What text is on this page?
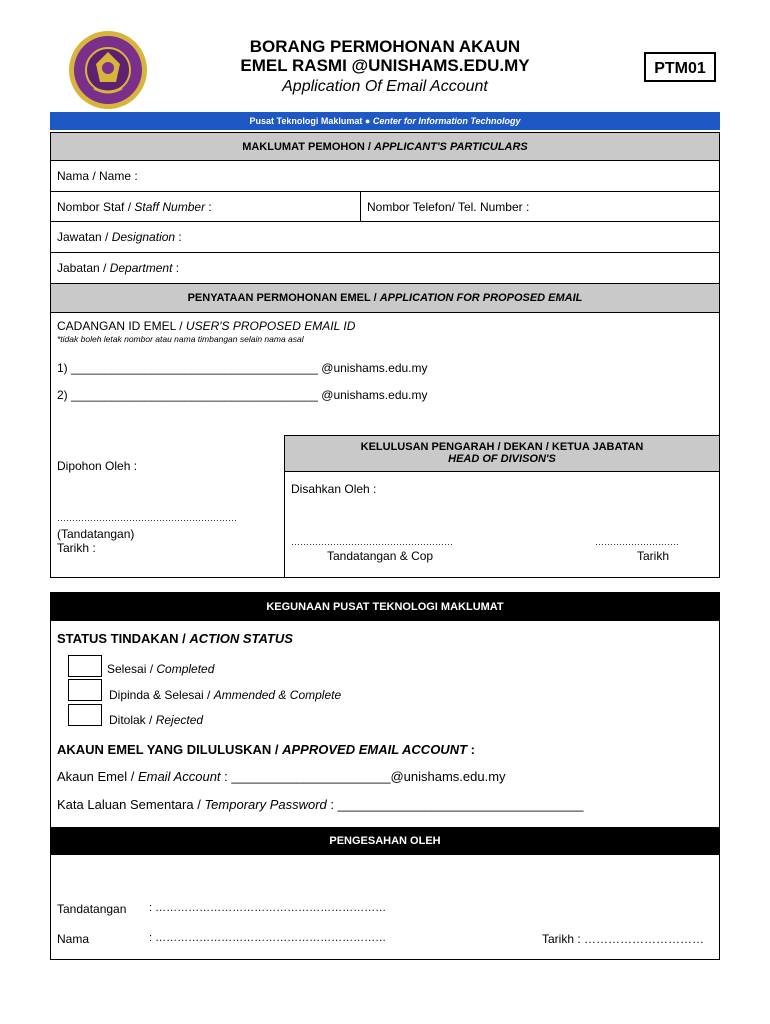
BORANG PERMOHONAN AKAUN
EMEL RASMI @UNISHAMS.EDU.MY
Application Of Email Account
PTM01
Pusat Teknologi Maklumat ● Center for Information Technology
MAKLUMAT PEMOHON / APPLICANT'S PARTICULARS
Nama / Name :
Nombor Staf / Staff Number :	Nombor Telefon/ Tel. Number :
Jawatan / Designation :
Jabatan / Department :
PENYATAAN PERMOHONAN EMEL / APPLICATION FOR PROPOSED EMAIL
CADANGAN ID EMEL / USER'S PROPOSED EMAIL ID
*tidak boleh letak nombor atau nama timbangan selain nama asal
1) _____________________________________ @unishams.edu.my
2) _____________________________________ @unishams.edu.my
Dipohon Oleh :
……………………………………………………
(Tandatangan)
Tarikh :
KELULUSAN PENGARAH / DEKAN / KETUA JABATAN
HEAD OF DIVISON'S
Disahkan Oleh :
………………………………………………
Tandatangan & Cop
……………………….
Tarikh
KEGUNAAN PUSAT TEKNOLOGI MAKLUMAT
STATUS TINDAKAN / ACTION STATUS
Selesai / Completed
Dipinda & Selesai / Ammended & Complete
Ditolak / Rejected
AKAUN EMEL YANG DILULUSKAN / APPROVED EMAIL ACCOUNT :
Akaun Emel / Email Account : ______________________@unishams.edu.my
Kata Laluan Sementara / Temporary Password : __________________________________
PENGESAHAN OLEH
Tandatangan : ………………………………………………………
Nama	: ………………………………………………………	Tarikh : …………………………
